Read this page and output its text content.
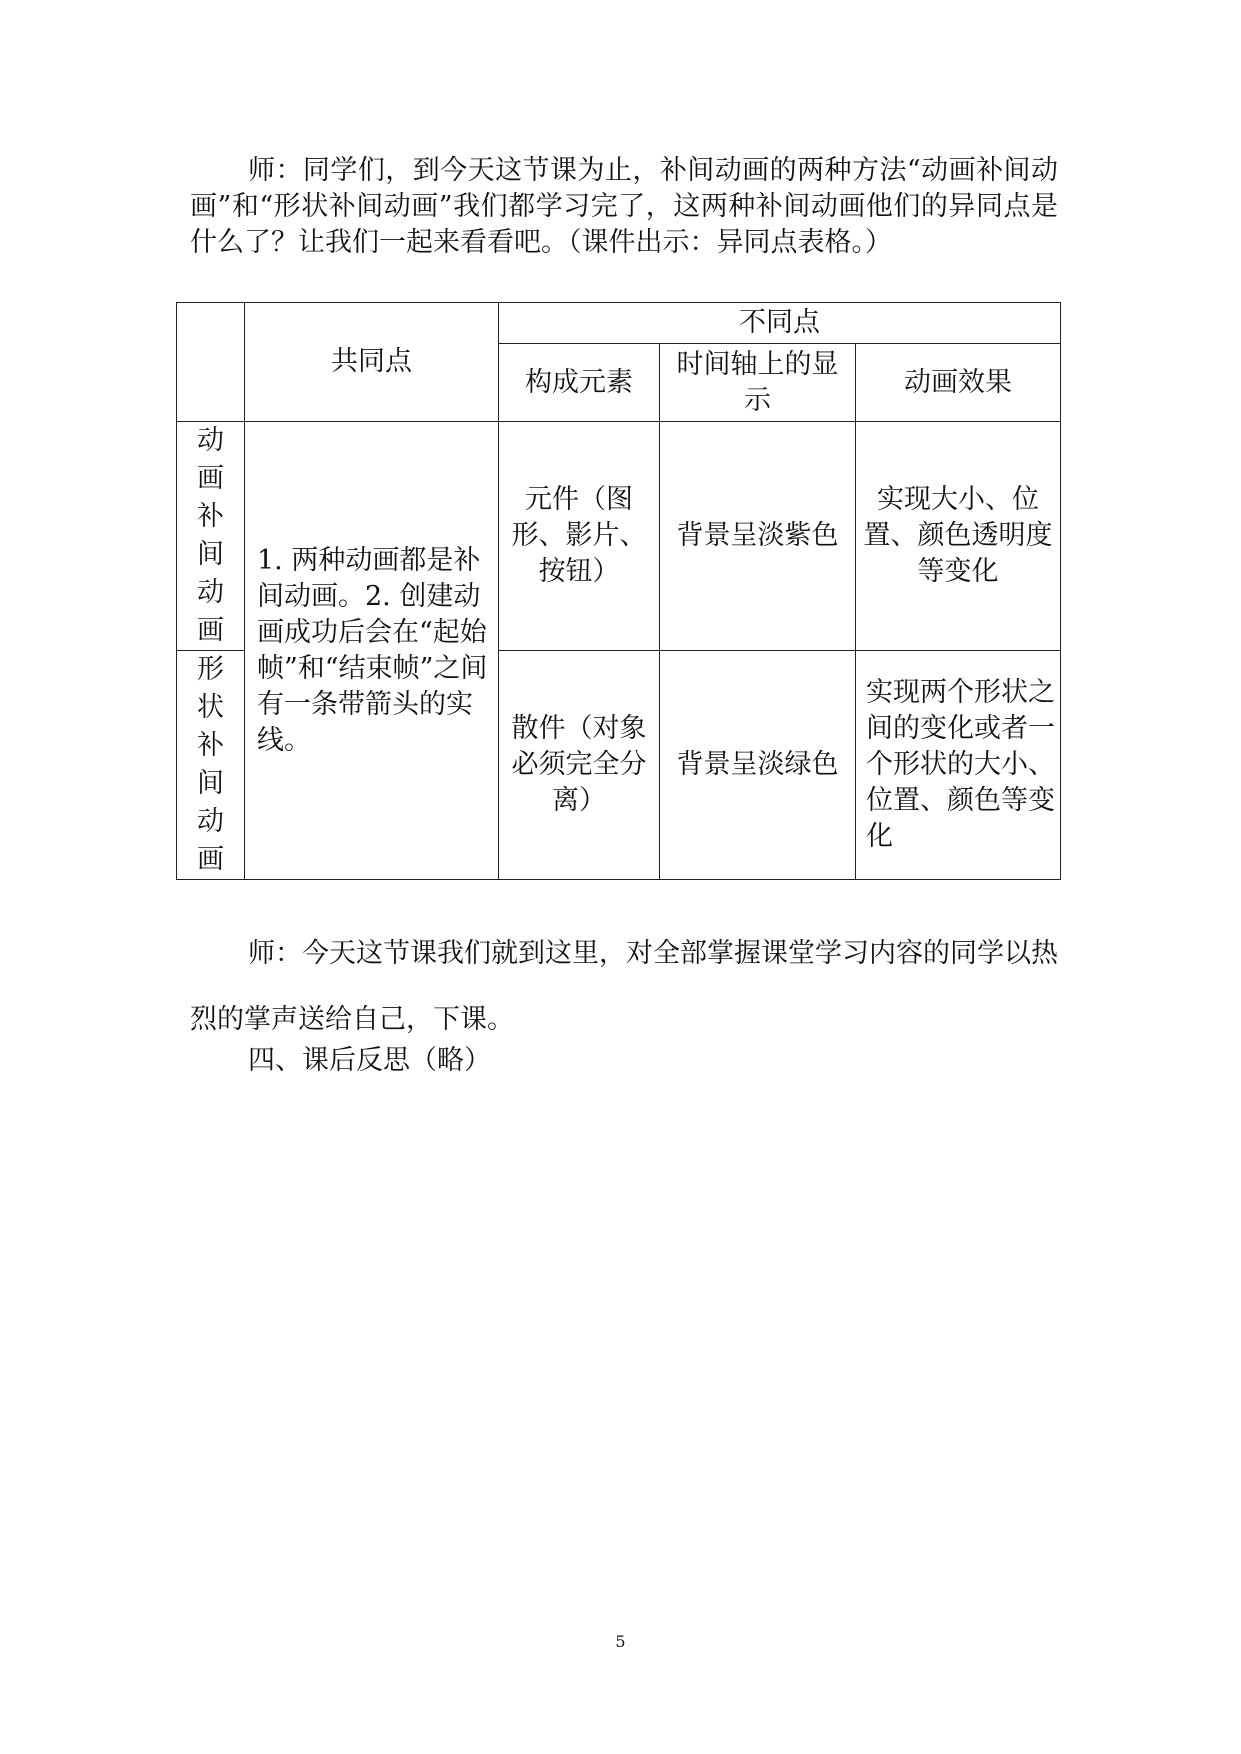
师：同学们，到今天这节课为止，补间动画的两种方法“动画补间动画”和“形状补间动画”我们都学习完了，这两种补间动画他们的异同点是什么了？让我们一起来看看吧。（课件出示：异同点表格。）

	共同点	不同点		
		构成元素	时间轴上的显示	动画效果

动画补间动画	1. 两种动画都是补间动画。2. 创建动画成功后会在“起始帧”和“结束帧”之间有一条带箭头的实线。	元件（图形、影片、按钮）	背景呈淡紫色	实现大小、位置、颜色透明度等变化

形状补间动画		散件（对象必须完全分离）	背景呈淡绿色	实现两个形状之间的变化或者一个形状的大小、位置、颜色等变化

师：今天这节课我们就到这里，对全部掌握课堂学习内容的同学以热烈的掌声送给自己，下课。

四、课后反思（略）

5
